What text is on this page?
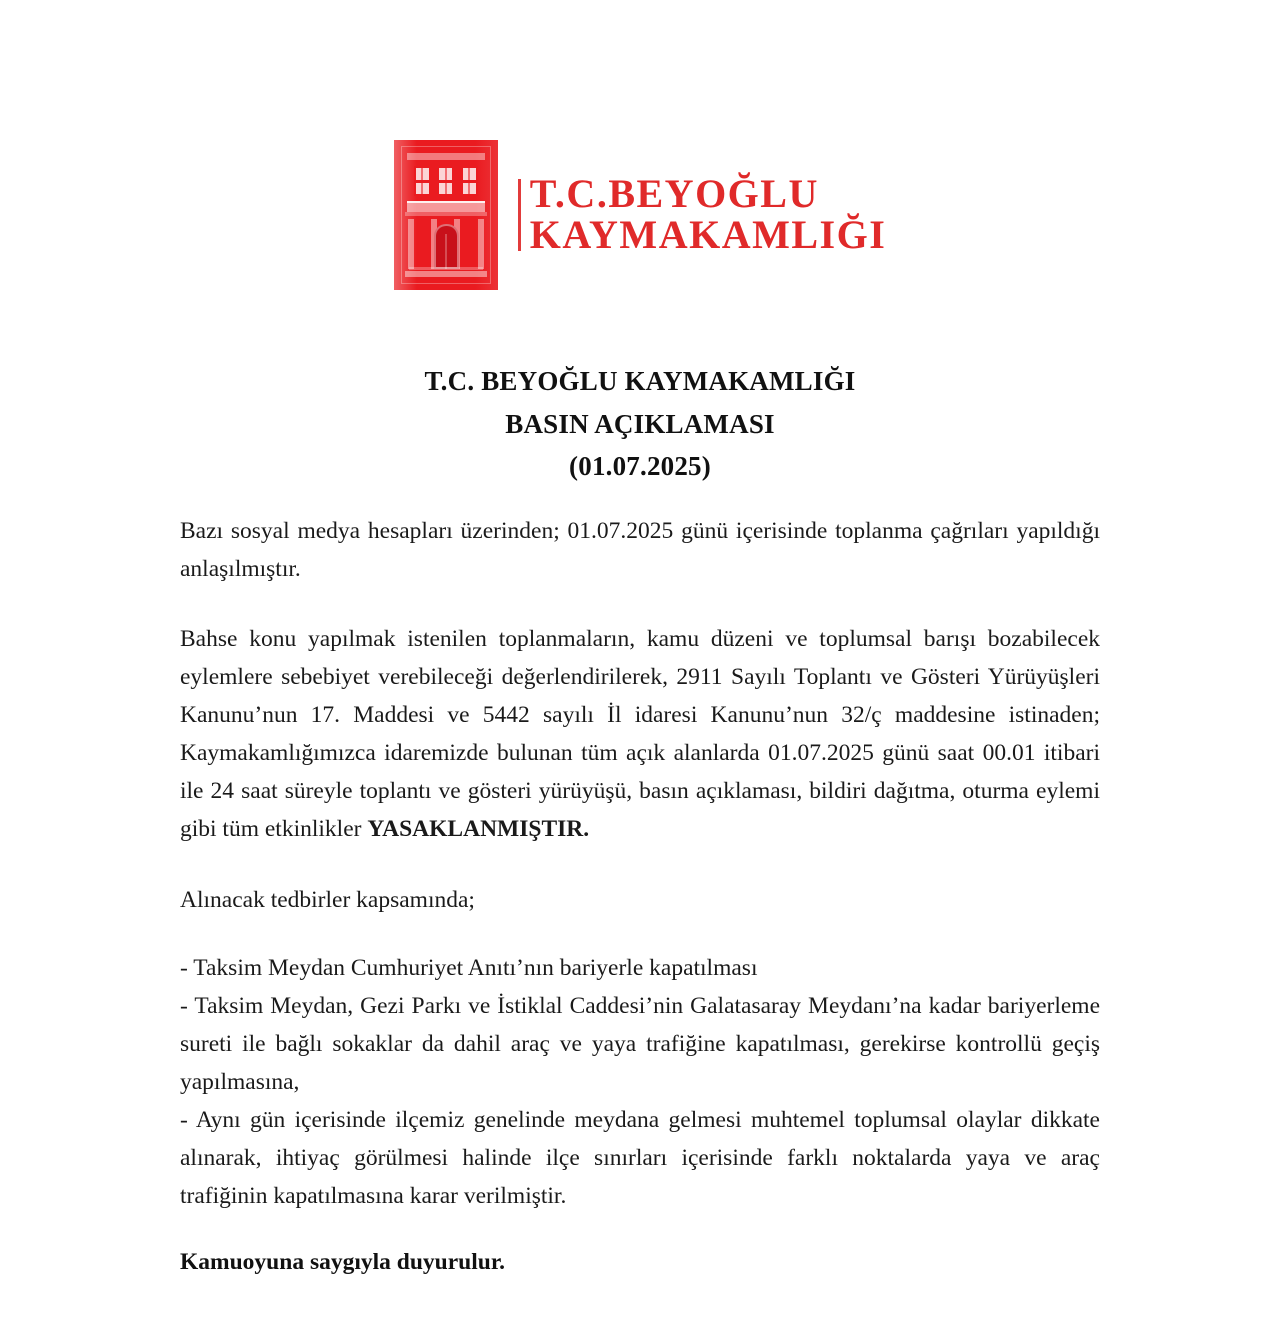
T.C.BEYOĞLU
KAYMAKAMLIĞI
T.C. BEYOĞLU KAYMAKAMLIĞI
BASIN AÇIKLAMASI
(01.07.2025)

Bazı sosyal medya hesapları üzerinden; 01.07.2025 günü içerisinde toplanma çağrıları yapıldığı anlaşılmıştır.

Bahse konu yapılmak istenilen toplanmaların, kamu düzeni ve toplumsal barışı bozabilecek eylemlere sebebiyet verebileceği değerlendirilerek, 2911 Sayılı Toplantı ve Gösteri Yürüyüşleri Kanunu’nun 17. Maddesi ve 5442 sayılı İl idaresi Kanunu’nun 32/ç maddesine istinaden; Kaymakamlığımızca idaremizde bulunan tüm açık alanlarda 01.07.2025 günü saat 00.01 itibari ile 24 saat süreyle toplantı ve gösteri yürüyüşü, basın açıklaması, bildiri dağıtma, oturma eylemi gibi tüm etkinlikler YASAKLANMIŞTIR.

Alınacak tedbirler kapsamında;

- Taksim Meydan Cumhuriyet Anıtı’nın bariyerle kapatılması
- Taksim Meydan, Gezi Parkı ve İstiklal Caddesi’nin Galatasaray Meydanı’na kadar bariyerleme sureti ile bağlı sokaklar da dahil araç ve yaya trafiğine kapatılması, gerekirse kontrollü geçiş yapılmasına,
- Aynı gün içerisinde ilçemiz genelinde meydana gelmesi muhtemel toplumsal olaylar dikkate alınarak, ihtiyaç görülmesi halinde ilçe sınırları içerisinde farklı noktalarda yaya ve araç trafiğinin kapatılmasına karar verilmiştir.

Kamuoyuna saygıyla duyurulur.
